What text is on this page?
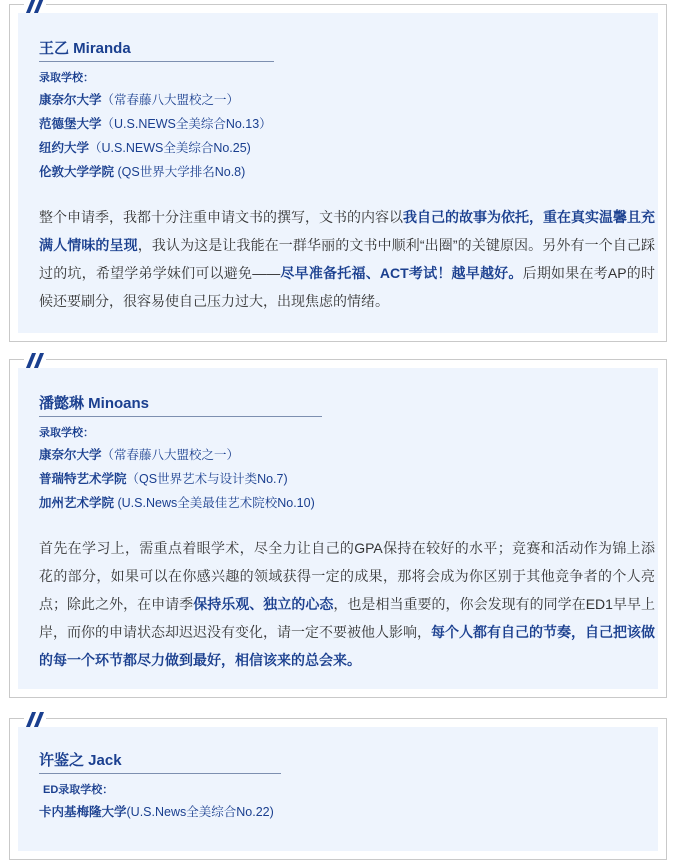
王乙 Miranda
录取学校：
康奈尔大学（常春藤八大盟校之一）
范德堡大学（U.S.NEWS全美综合No.13）
纽约大学（U.S.NEWS全美综合No.25)
伦敦大学学院 (QS世界大学排名No.8)
整个申请季，我都十分注重申请文书的撰写，文书的内容以我自己的故事为依托，重在真实温馨且充满人情味的呈现，我认为这是让我能在一群华丽的文书中顺利“出圈”的关键原因。另外有一个自己踩过的坑，希望学弟学妹们可以避免——尽早准备托福、ACT考试！越早越好。后期如果在考AP的时候还要刷分，很容易使自己压力过大，出现焦虑的情绪。
潘懿琳 Minoans
录取学校：
康奈尔大学（常春藤八大盟校之一）
普瑞特艺术学院（QS世界艺术与设计类No.7)
加州艺术学院 (U.S.News全美最佳艺术院校No.10)
首先在学习上，需重点着眼学术，尽全力让自己的GPA保持在较好的水平；竞赛和活动作为锦上添花的部分，如果可以在你感兴趣的领域获得一定的成果，那将会成为你区别于其他竞争者的个人亮点；除此之外，在申请季保持乐观、独立的心态，也是相当重要的，你会发现有的同学在ED1早早上岸，而你的申请状态却迟迟没有变化，请一定不要被他人影响，每个人都有自己的节奏，自己把该做的每一个环节都尽力做到最好，相信该来的总会来。
许鉴之 Jack
ED录取学校：
卡内基梅隆大学(U.S.News全美综合No.22)
